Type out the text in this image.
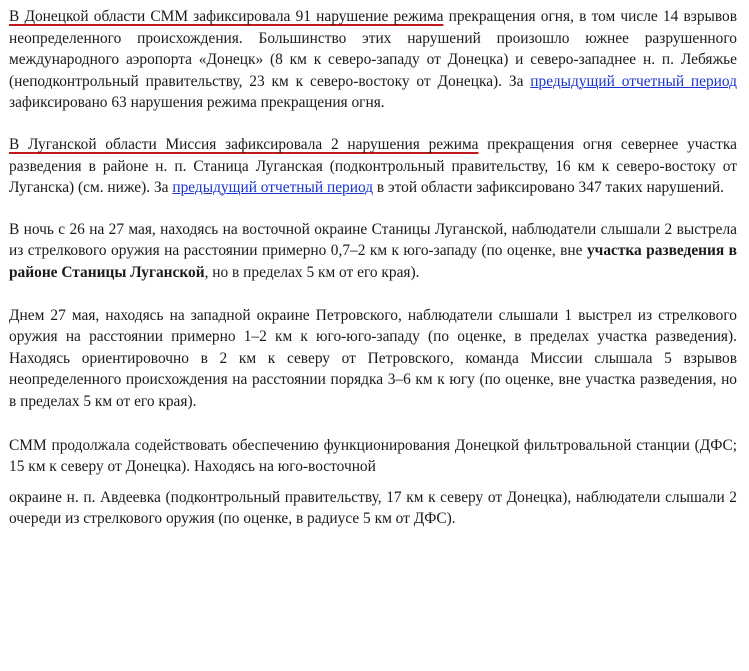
В Донецкой области СММ зафиксировала 91 нарушение режима прекращения огня, в том числе 14 взрывов неопределенного происхождения. Большинство этих нарушений произошло южнее разрушенного международного аэропорта «Донецк» (8 км к северо-западу от Донецка) и северо-западнее н. п. Лебяжье (неподконтрольный правительству, 23 км к северо-востоку от Донецка). За предыдущий отчетный период зафиксировано 63 нарушения режима прекращения огня.

В Луганской области Миссия зафиксировала 2 нарушения режима прекращения огня севернее участка разведения в районе н. п. Станица Луганская (подконтрольный правительству, 16 км к северо-востоку от Луганска) (см. ниже). За предыдущий отчетный период в этой области зафиксировано 347 таких нарушений.

В ночь с 26 на 27 мая, находясь на восточной окраине Станицы Луганской, наблюдатели слышали 2 выстрела из стрелкового оружия на расстоянии примерно 0,7–2 км к юго-западу (по оценке, вне участка разведения в районе Станицы Луганской, но в пределах 5 км от его края).

Днем 27 мая, находясь на западной окраине Петровского, наблюдатели слышали 1 выстрел из стрелкового оружия на расстоянии примерно 1–2 км к юго-юго-западу (по оценке, в пределах участка разведения). Находясь ориентировочно в 2 км к северу от Петровского, команда Миссии слышала 5 взрывов неопределенного происхождения на расстоянии порядка 3–6 км к югу (по оценке, вне участка разведения, но в пределах 5 км от его края).

СММ продолжала содействовать обеспечению функционирования Донецкой фильтровальной станции (ДФС; 15 км к северу от Донецка). Находясь на юго-восточной
окраине н. п. Авдеевка (подконтрольный правительству, 17 км к северу от Донецка), наблюдатели слышали 2 очереди из стрелкового оружия (по оценке, в радиусе 5 км от ДФС).
